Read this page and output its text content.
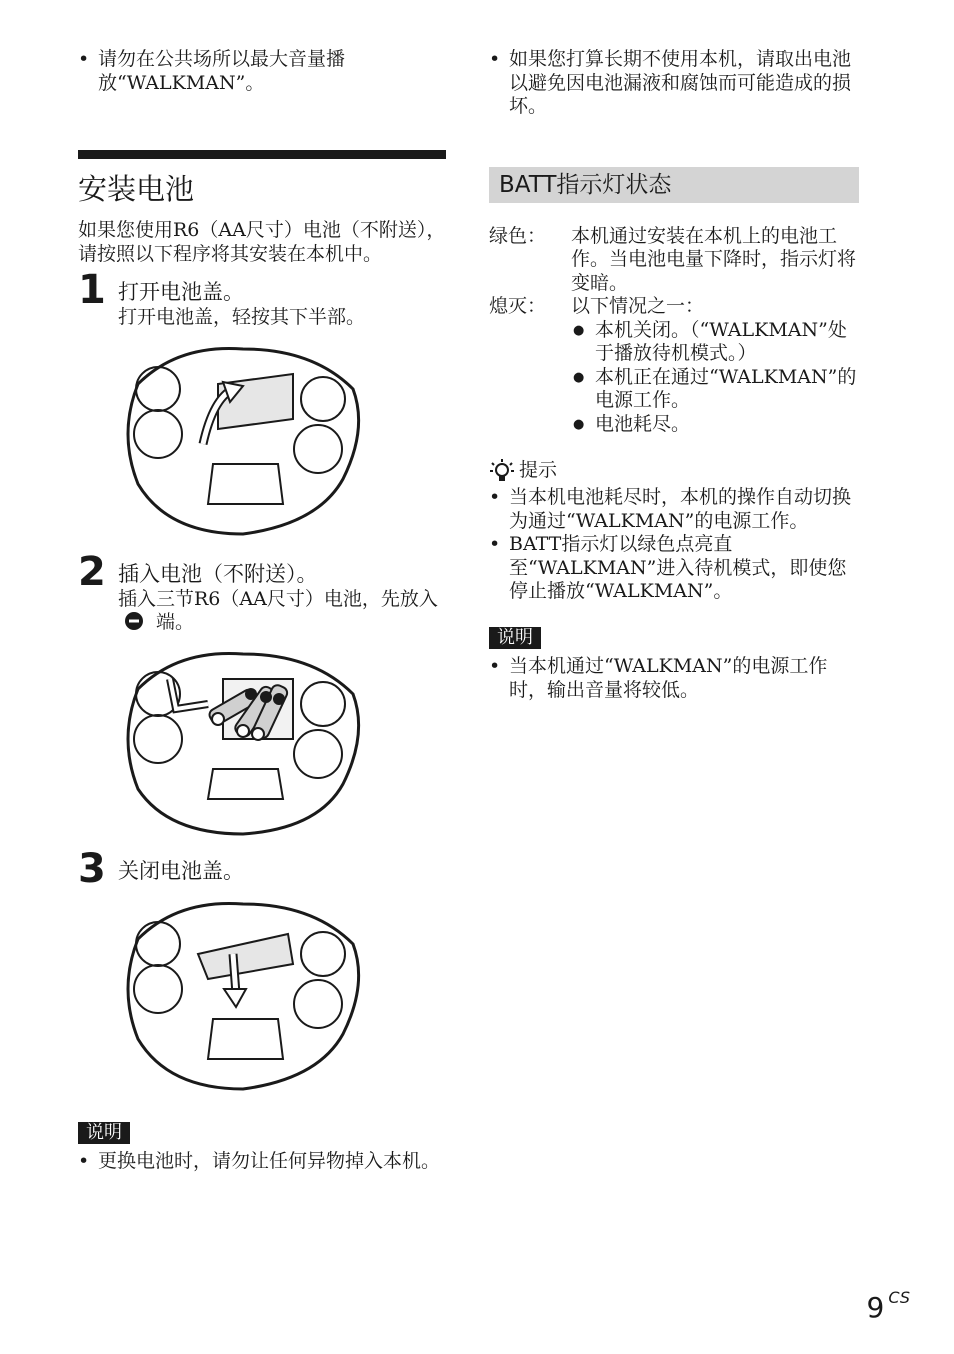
• 请勿在公共场所以最大音量播放“WALKMAN”。

安装电池

如果您使用R6（AA尺寸）电池（不附送），请按照以下程序将其安装在本机中。

1 打开电池盖。
打开电池盖，轻按其下半部。
2 插入电池（不附送）。
插入三节R6（AA尺寸）电池，先放入  端。
3 关闭电池盖。
说明

• 更换电池时，请勿让任何异物掉入本机。

• 如果您打算长期不使用本机，请取出电池以避免因电池漏液和腐蚀而可能造成的损坏。

BATT指示灯状态
绿色：	本机通过安装在本机上的电池工作。当电池电量下降时，指示灯将变暗。
熄灭：	以下情况之一：
● 本机关闭。（“WALKMAN”处于播放待机模式。）
● 本机正在通过“WALKMAN”的电源工作。
● 电池耗尽。
提示

• 当本机电池耗尽时，本机的操作自动切换为通过“WALKMAN”的电源工作。

• BATT指示灯以绿色点亮直至“WALKMAN”进入待机模式，即使您停止播放“WALKMAN”。

说明

• 当本机通过“WALKMAN”的电源工作时，输出音量将较低。

9 $^{CS}$
